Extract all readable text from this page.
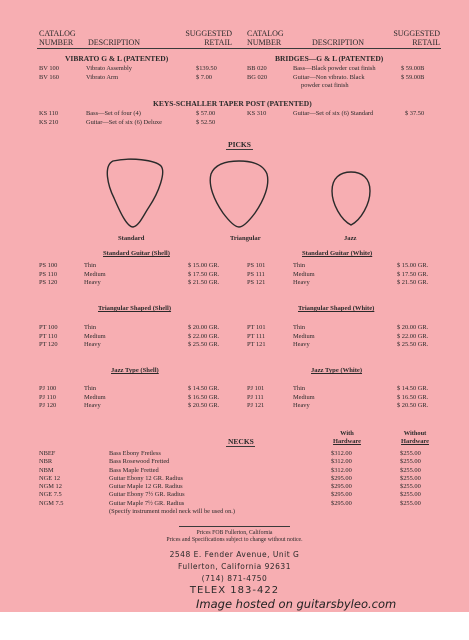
CATALOG
NUMBER	DESCRIPTION
SUGGESTED
RETAIL
CATALOG
NUMBER	DESCRIPTION
SUGGESTED
RETAIL
VIBRATO G & L (PATENTED)
BV 100	Vibrato Assembly	$139.50
BV 160	Vibrato Arm	$ 7.00
BRIDGES—G & L (PATENTED)
BB 020	Bass—Black powder coat finish	$ 59.00B
BG 020	Guitar—Non vibrato. Black	$ 59.00B
powder coat finish
KEYS-SCHALLER TAPER POST (PATENTED)
KS 110	Bass—Set of four (4)	$ 57.00	KS 310	Guitar—Set of six (6) Standard	$ 37.50
KS 210	Guitar—Set of six (6) Deluxe	$ 52.50
PICKS
Standard	Triangular	Jazz
Standard Guitar (Shell)	Standard Guitar (White)
PS 100	Thin	$ 15.00 GR.	PS 101	Thin	$ 15.00 GR.
PS 110	Medium	$ 17.50 GR.	PS 111	Medium	$ 17.50 GR.
PS 120	Heavy	$ 21.50 GR.	PS 121	Heavy	$ 21.50 GR.
Triangular Shaped (Shell)	Triangular Shaped (White)
PT 100	Thin	$ 20.00 GR.	PT 101	Thin	$ 20.00 GR.
PT 110	Medium	$ 22.00 GR.	PT 111	Medium	$ 22.00 GR.
PT 120	Heavy	$ 25.50 GR.	PT 121	Heavy	$ 25.50 GR.
Jazz Type (Shell)	Jazz Type (White)
PJ 100	Thin	$ 14.50 GR.	PJ 101	Thin	$ 14.50 GR.
PJ 110	Medium	$ 16.50 GR.	PJ 111	Medium	$ 16.50 GR.
PJ 120	Heavy	$ 20.50 GR.	PJ 121	Heavy	$ 20.50 GR.
NECKS
With
Hardware
Without
Hardware
NBEF	Bass Ebony Fretless	$312.00	$255.00
NBR	Bass Rosewood Fretted	$312.00	$255.00
NBM	Bass Maple Fretted	$312.00	$255.00
NGE 12	Guitar Ebony 12 GR. Radius	$295.00	$255.00
NGM 12	Guitar Maple 12 GR. Radius	$295.00	$255.00
NGE 7.5	Guitar Ebony 7½ GR. Radius	$295.00	$255.00
NGM 7.5	Guitar Maple 7½ GR. Radius	$295.00	$255.00
(Specify instrument model neck will be used on.)
Prices FOB Fullerton, California
Prices and Specifications subject to change without notice.
2548 E. Fender Avenue, Unit G
Fullerton, California 92631
(714) 871-4750
TELEX 183-422
Image hosted on guitarsbyleo.com
